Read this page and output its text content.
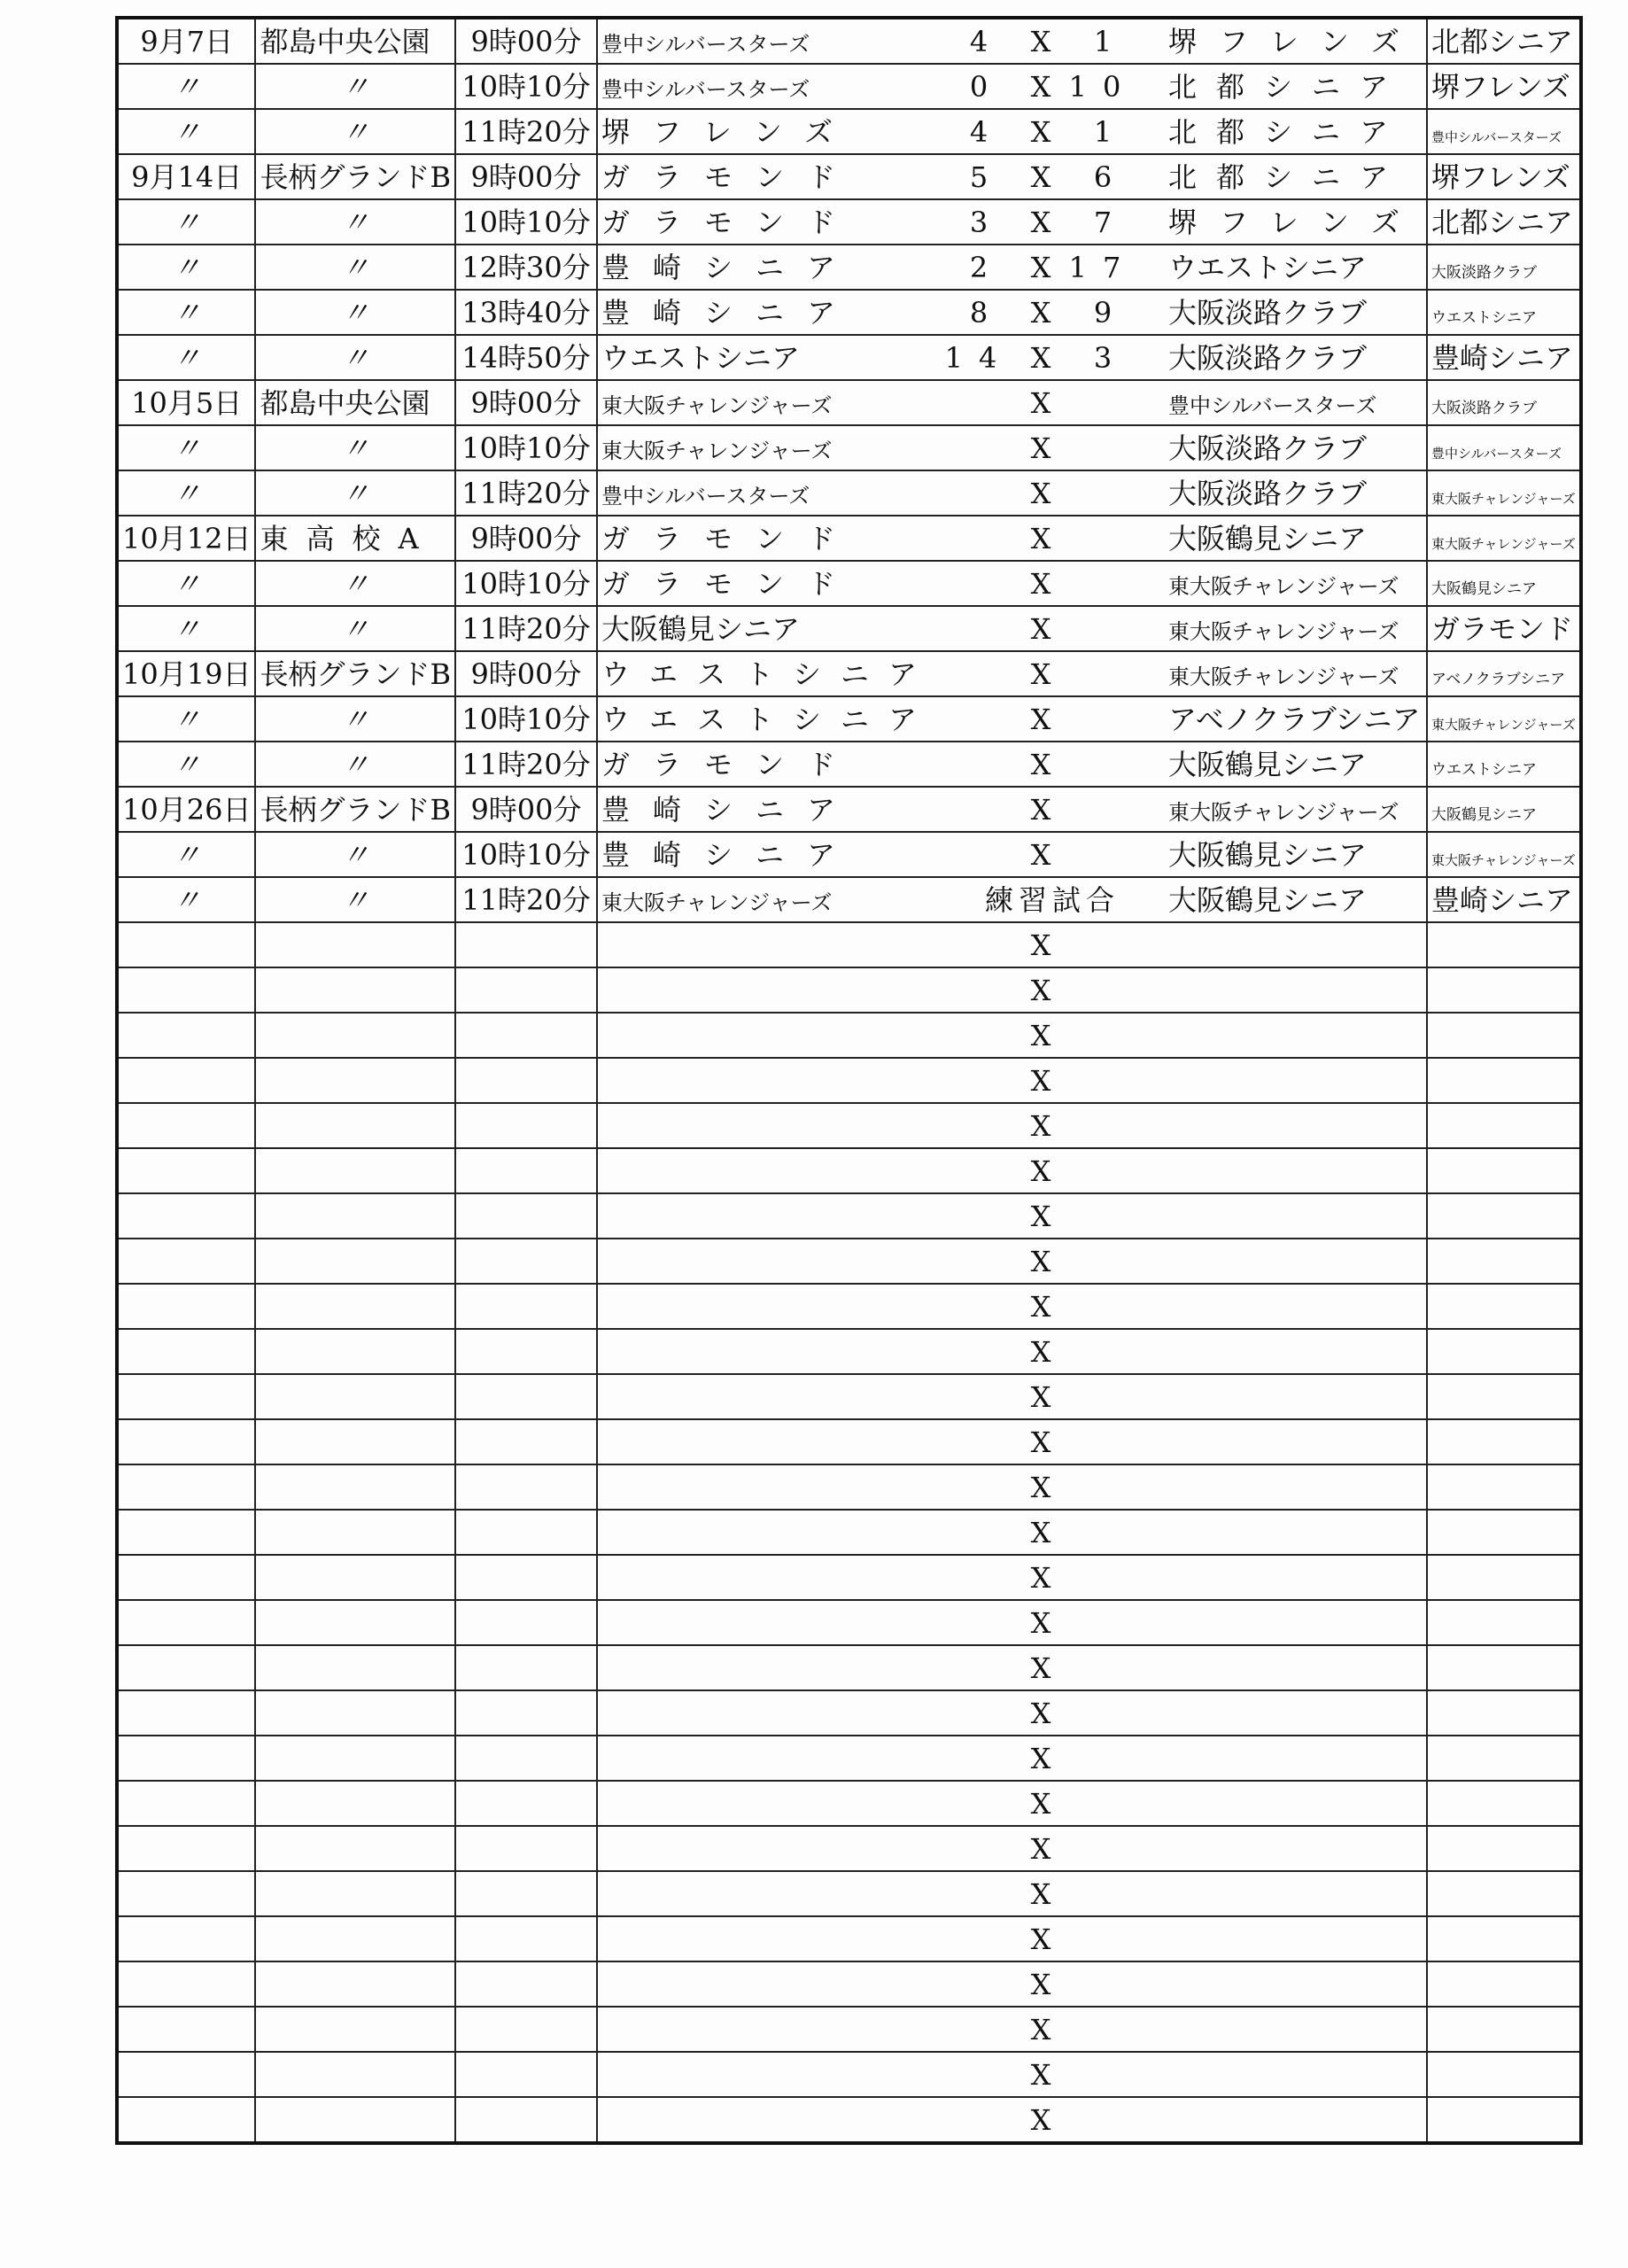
9月7日	都島中央公園	9時00分	豊中シルバースターズ	4 X 1	堺フレンズ	北都シニア
〃	〃	10時10分	豊中シルバースターズ	0 X 10	北都シニア	堺フレンズ
〃	〃	11時20分	堺フレンズ	4 X 1	北都シニア	豊中シルバースターズ
9月14日	長柄グランドB	9時00分	ガラモンド	5 X 6	北都シニア	堺フレンズ
〃	〃	10時10分	ガラモンド	3 X 7	堺フレンズ	北都シニア
〃	〃	12時30分	豊崎シニア	2 X 17	ウエストシニア	大阪淡路クラブ
〃	〃	13時40分	豊崎シニア	8 X 9	大阪淡路クラブ	ウエストシニア
〃	〃	14時50分	ウエストシニア	14 X 3	大阪淡路クラブ	豊崎シニア
10月5日	都島中央公園	9時00分	東大阪チャレンジャーズ	X	豊中シルバースターズ	大阪淡路クラブ
〃	〃	10時10分	東大阪チャレンジャーズ	X	大阪淡路クラブ	豊中シルバースターズ
〃	〃	11時20分	豊中シルバースターズ	X	大阪淡路クラブ	東大阪チャレンジャーズ
10月12日	東高校A	9時00分	ガラモンド	X	大阪鶴見シニア	東大阪チャレンジャーズ
〃	〃	10時10分	ガラモンド	X	東大阪チャレンジャーズ	大阪鶴見シニア
〃	〃	11時20分	大阪鶴見シニア	X	東大阪チャレンジャーズ	ガラモンド
10月19日	長柄グランドB	9時00分	ウエストシニア	X	東大阪チャレンジャーズ	アベノクラブシニア
〃	〃	10時10分	ウエストシニア	X	アベノクラブシニア	東大阪チャレンジャーズ
〃	〃	11時20分	ガラモンド	X	大阪鶴見シニア	ウエストシニア
10月26日	長柄グランドB	9時00分	豊崎シニア	X	東大阪チャレンジャーズ	大阪鶴見シニア
〃	〃	10時10分	豊崎シニア	X	大阪鶴見シニア	東大阪チャレンジャーズ
〃	〃	11時20分	東大阪チャレンジャーズ	練習試合	大阪鶴見シニア	豊崎シニア

				X		

				X		

				X		

				X		

				X		

				X		

				X		

				X		

				X		

				X		

				X		

				X		

				X		

				X		

				X		

				X		

				X		

				X		

				X		

				X		

				X		

				X		

				X		

				X		

				X		

				X		

				X		
